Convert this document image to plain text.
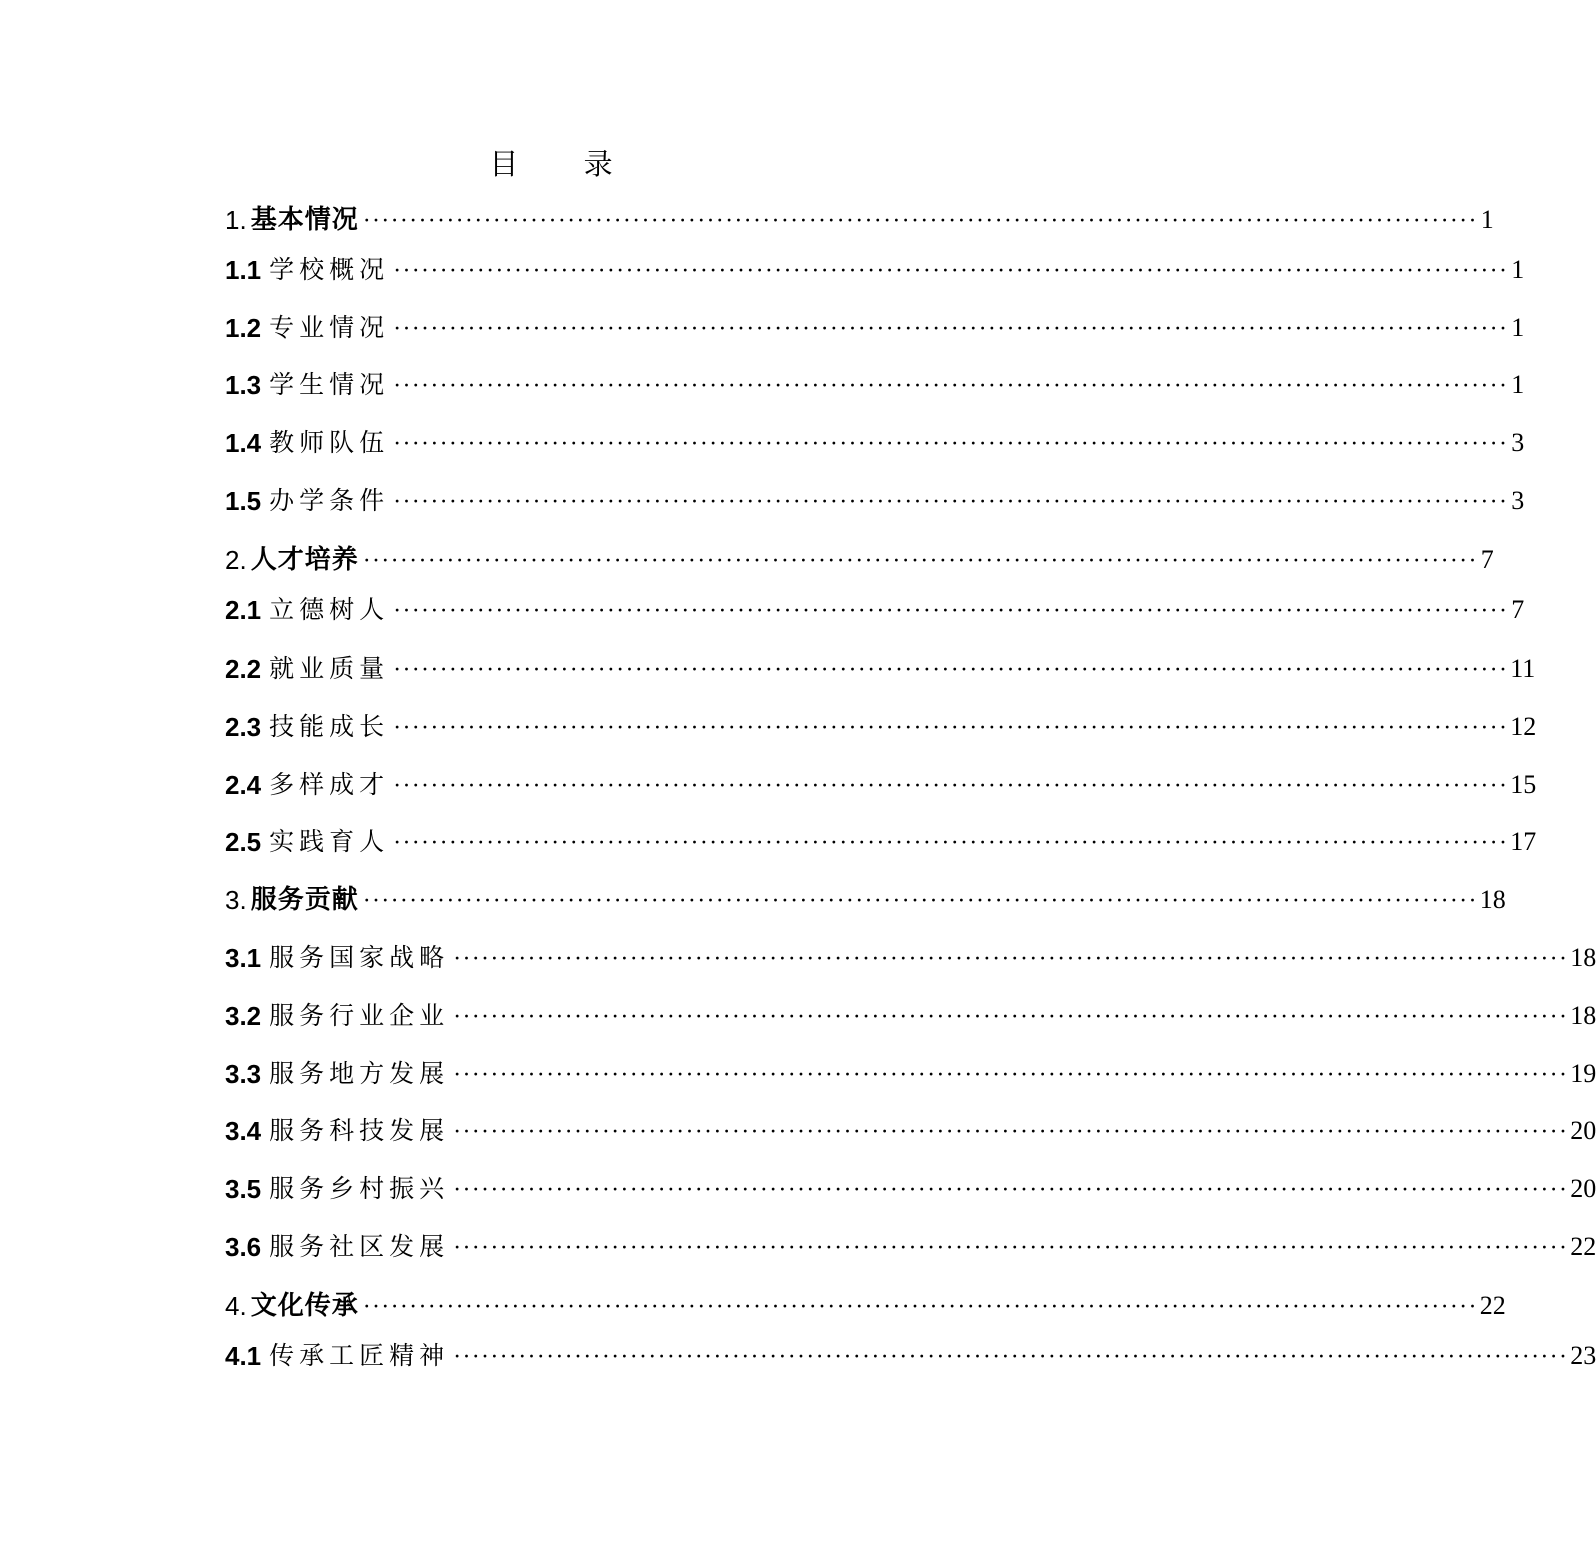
目 录
1. 基本情况 ························································································································ 1
1.1 学校概况 ························································································································ 1
1.2 专业情况 ························································································································ 1
1.3 学生情况 ························································································································ 1
1.4 教师队伍 ························································································································ 3
1.5 办学条件 ························································································································ 3
2. 人才培养 ························································································································ 7
2.1 立德树人 ························································································································ 7
2.2 就业质量 ························································································································ 11
2.3 技能成长 ························································································································ 12
2.4 多样成才 ························································································································ 15
2.5 实践育人 ························································································································ 17
3. 服务贡献 ························································································································ 18
3.1 服务国家战略 ························································································································ 18
3.2 服务行业企业 ························································································································ 18
3.3 服务地方发展 ························································································································ 19
3.4 服务科技发展 ························································································································ 20
3.5 服务乡村振兴 ························································································································ 20
3.6 服务社区发展 ························································································································ 22
4. 文化传承 ························································································································ 22
4.1 传承工匠精神 ························································································································ 23
